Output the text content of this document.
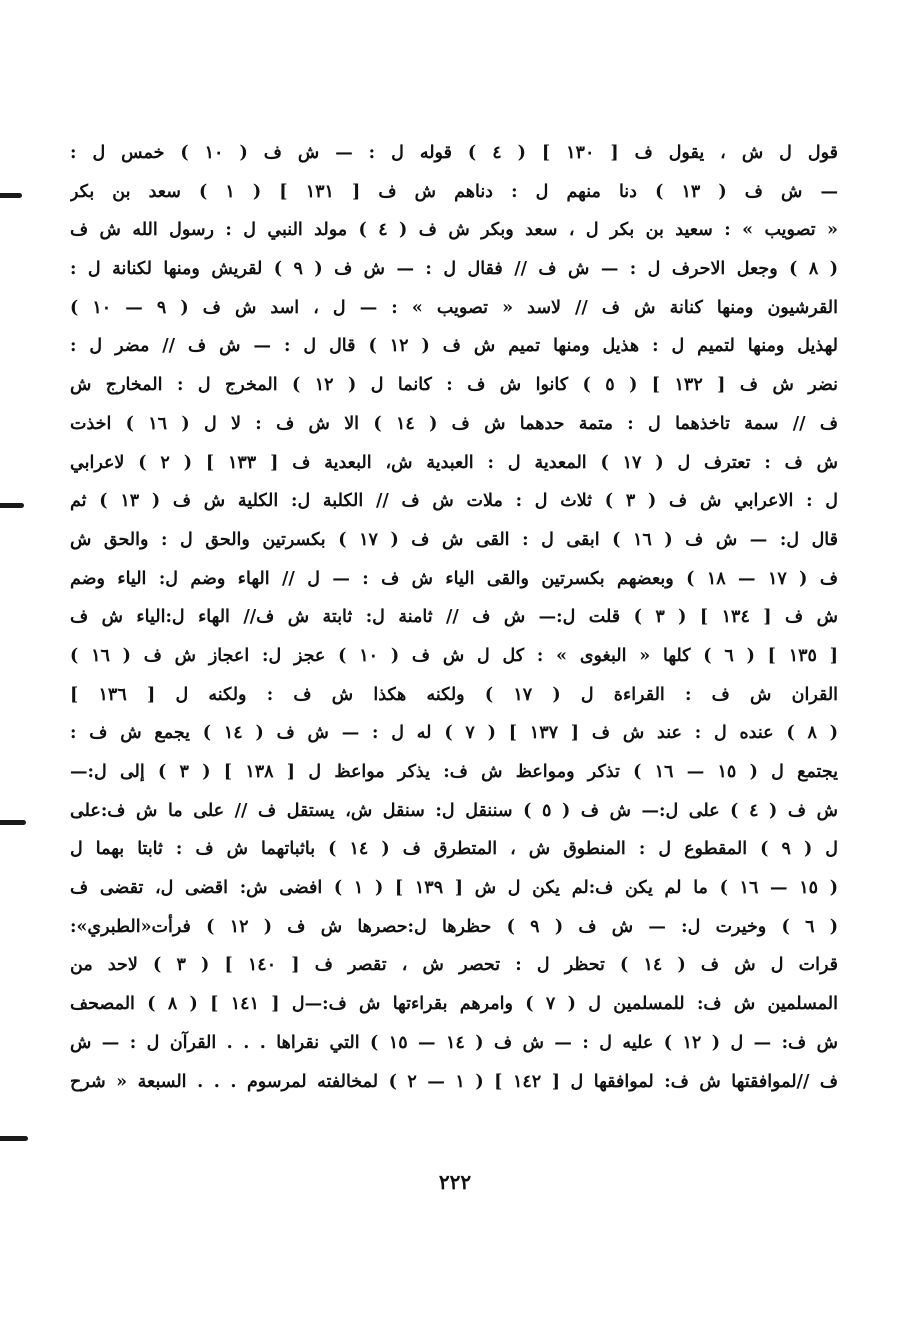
قول ل ش ، يقول ف [ ١٣٠ ] ( ٤ ) قوله ل : — ش ف ( ١٠ ) خمس ل :
— ش ف ( ١٣ ) دنا منهم ل : دناهم ش ف [ ١٣١ ] ( ١ ) سعد بن بكر
« تصويب » : سعيد بن بكر ل ، سعد وبكر ش ف ( ٤ ) مولد النبي ل : رسول الله ش ف
( ٨ ) وجعل الاحرف ل : — ش ف // فقال ل : — ش ف ( ٩ ) لقريش ومنها لكنانة ل :
القرشيون ومنها كنانة ش ف // لاسد « تصويب » : — ل ، اسد ش ف ( ٩ — ١٠ )
لهذيل ومنها لتميم ل : هذيل ومنها تميم ش ف ( ١٢ ) قال ل : — ش ف // مضر ل :
نضر ش ف [ ١٣٢ ] ( ٥ ) كانوا ش ف : كانما ل ( ١٢ ) المخرج ل : المخارج ش
ف // سمة تاخذهما ل : متمة حدهما ش ف ( ١٤ ) الا ش ف : لا ل ( ١٦ ) اخذت
ش ف : تعترف ل ( ١٧ ) المعدية ل : العبدية ش، البعدية ف [ ١٣٣ ] ( ٢ ) لاعرابي
ل : الاعرابي ش ف ( ٣ ) ثلاث ل : ملات ش ف // الكلبة ل: الكلية ش ف ( ١٣ ) ثم
قال ل: — ش ف ( ١٦ ) ابقى ل : القى ش ف ( ١٧ ) بكسرتين والحق ل : والحق ش
ف ( ١٧ — ١٨ ) وبعضهم بكسرتين والقى الياء ش ف : — ل // الهاء وضم ل: الياء وضم
ش ف [ ١٣٤ ] ( ٣ ) قلت ل:— ش ف // ثامنة ل: ثابتة ش ف// الهاء ل:الياء ش ف
[ ١٣٥ ] ( ٦ ) كلها « البغوى » : كل ل ش ف ( ١٠ ) عجز ل: اعجاز ش ف ( ١٦ )
القران ش ف : القراءة ل ( ١٧ ) ولكنه هكذا ش ف : ولكنه ل [ ١٣٦ ]
( ٨ ) عنده ل : عند ش ف [ ١٣٧ ] ( ٧ ) له ل : — ش ف ( ١٤ ) يجمع ش ف :
يجتمع ل ( ١٥ — ١٦ ) تذكر ومواعظ ش ف: يذكر مواعظ ل [ ١٣٨ ] ( ٣ ) إلى ل:—
ش ف ( ٤ ) على ل:— ش ف ( ٥ ) سننقل ل: سنقل ش، يستقل ف // على ما ش ف:على
ل ( ٩ ) المقطوع ل : المنطوق ش ، المتطرق ف ( ١٤ ) باثباتهما ش ف : ثابتا بهما ل
( ١٥ — ١٦ ) ما لم يكن ف:لم يكن ل ش [ ١٣٩ ] ( ١ ) افضى ش: اقضى ل، تقضى ف
( ٦ ) وخيرت ل: — ش ف ( ٩ ) حظرها ل:حصرها ش ف ( ١٢ ) فرأت«الطبري»:
قرات ل ش ف ( ١٤ ) تحظر ل : تحصر ش ، تقصر ف [ ١٤٠ ] ( ٣ ) لاحد من
المسلمين ش ف: للمسلمين ل ( ٧ ) وامرهم بقراءتها ش ف:—ل [ ١٤١ ] ( ٨ ) المصحف
ش ف: — ل ( ١٢ ) عليه ل : — ش ف ( ١٤ — ١٥ ) التي نقراها . . . القرآن ل : — ش
ف //لموافقتها ش ف: لموافقها ل [ ١٤٢ ] ( ١ — ٢ ) لمخالفته لمرسوم . . . السبعة « شرح
٢٢٢
